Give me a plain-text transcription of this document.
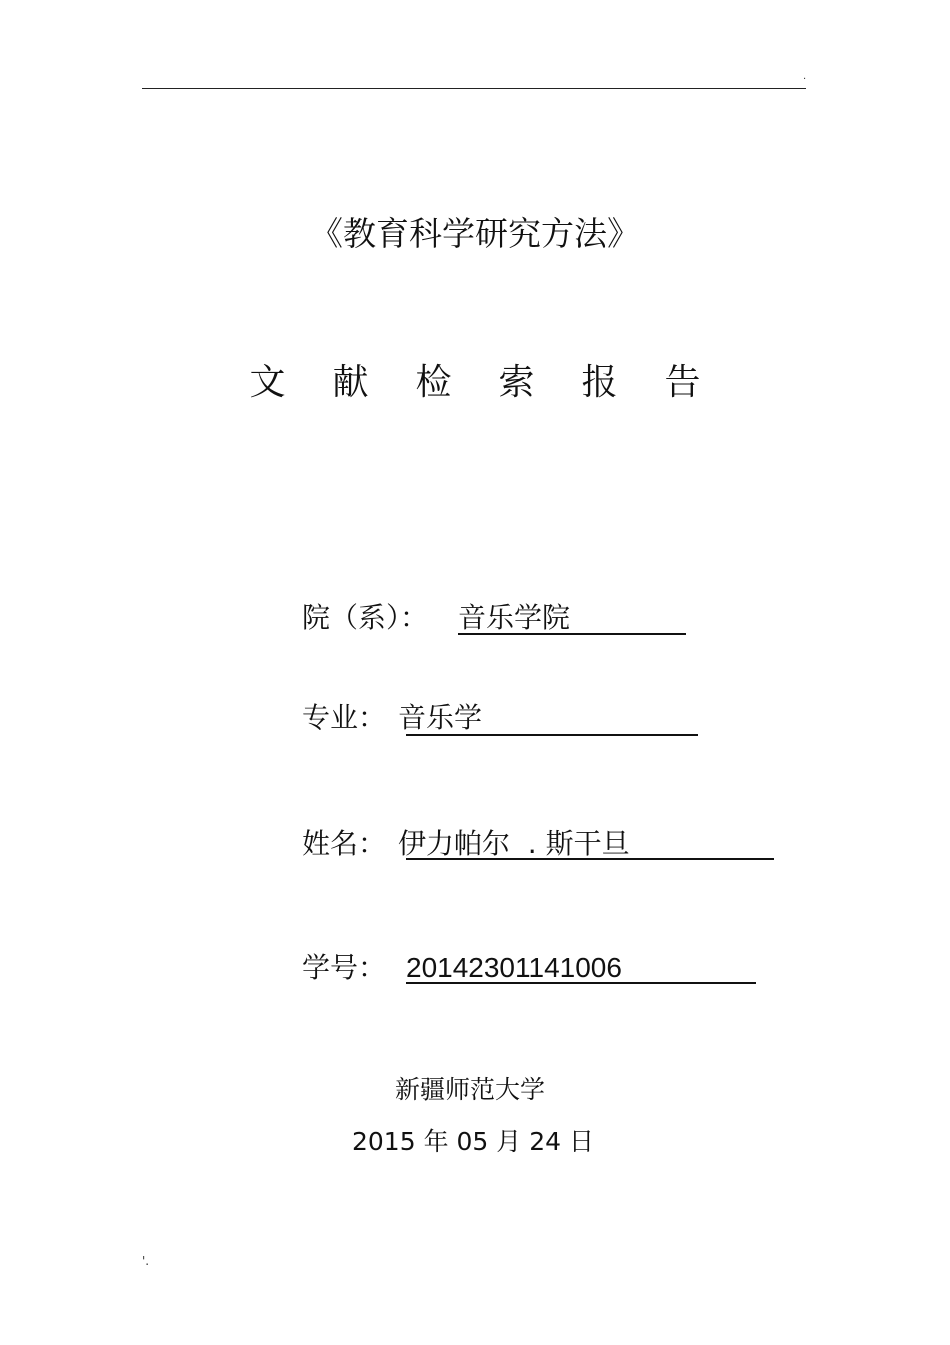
.
《教育科学研究方法》
文献检索报告
院（系）： 音乐学院
专业： 音乐学
姓名： 伊力帕尔  . 斯干旦
学号： 20142301141006
新疆师范大学
2015 年 05 月 24 日
'.
